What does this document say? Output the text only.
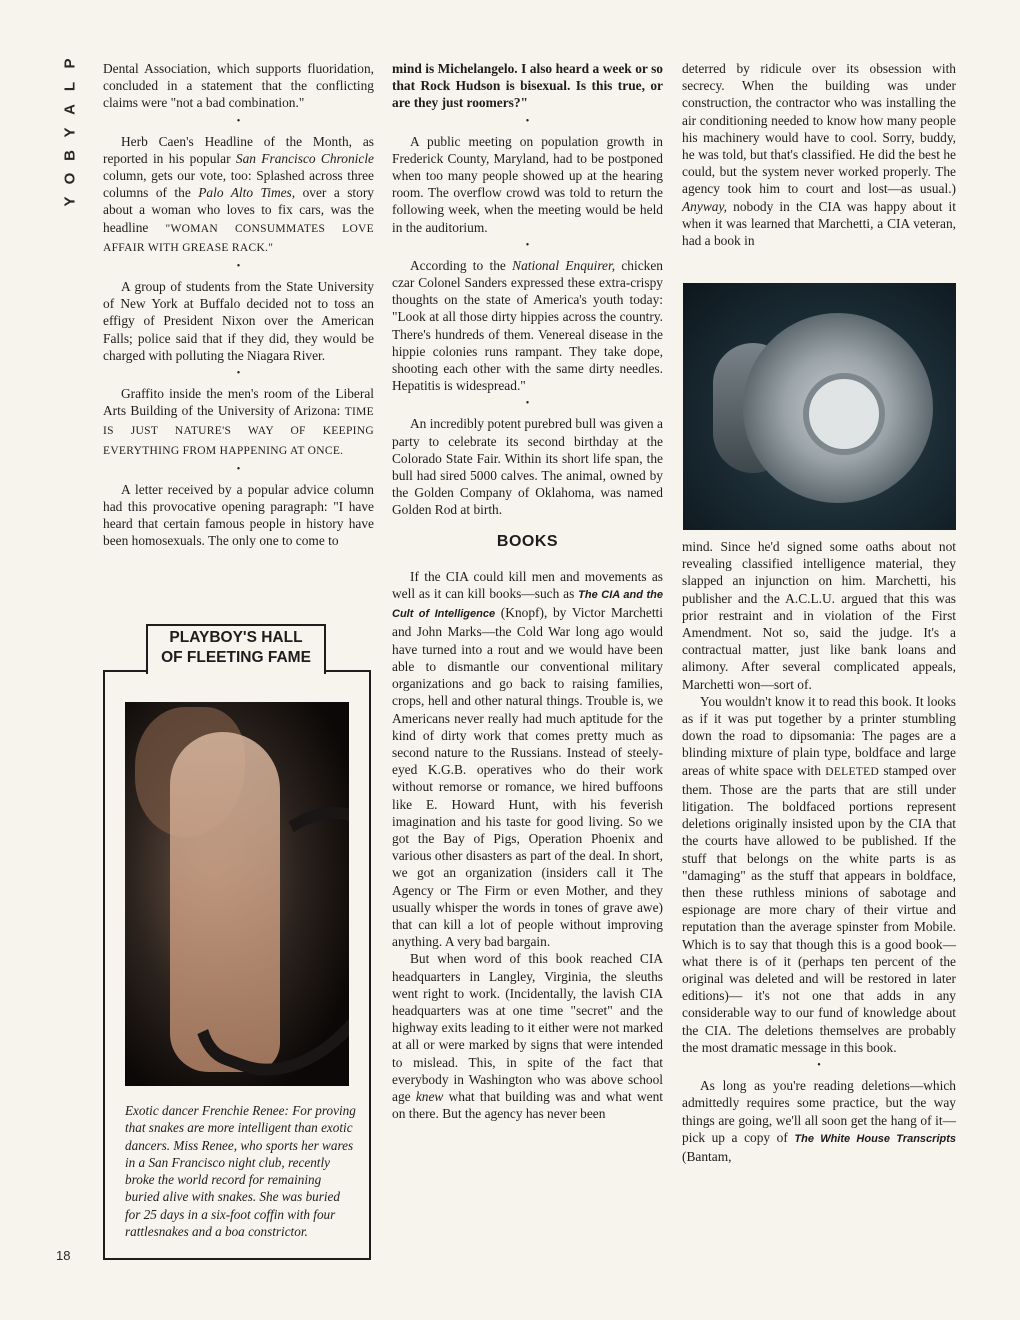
P
L
A
Y
B
O
Y
18

Dental Association, which supports fluoridation, concluded in a statement that the conflicting claims were "not a bad combination."

•

Herb Caen's Headline of the Month, as reported in his popular San Francisco Chronicle column, gets our vote, too: Splashed across three columns of the Palo Alto Times, over a story about a woman who loves to fix cars, was the headline "WOMAN CONSUMMATES LOVE AFFAIR WITH GREASE RACK."

•

A group of students from the State University of New York at Buffalo decided not to toss an effigy of President Nixon over the American Falls; police said that if they did, they would be charged with polluting the Niagara River.

•

Graffito inside the men's room of the Liberal Arts Building of the University of Arizona: TIME IS JUST NATURE'S WAY OF KEEPING EVERYTHING FROM HAPPENING AT ONCE.

•

A letter received by a popular advice column had this provocative opening paragraph: "I have heard that certain famous people in history have been homosexuals. The only one to come to

Exotic dancer Frenchie Renee: For proving that snakes are more intelligent than exotic dancers. Miss Renee, who sports her wares in a San Francisco night club, recently broke the world record for remaining buried alive with snakes. She was buried for 25 days in a six-foot coffin with four rattlesnakes and a boa constrictor.
PLAYBOY'S HALL
OF FLEETING FAME

mind is Michelangelo. I also heard a week or so that Rock Hudson is bisexual. Is this true, or are they just roomers?"

•

A public meeting on population growth in Frederick County, Maryland, had to be postponed when too many people showed up at the hearing room. The overflow crowd was told to return the following week, when the meeting would be held in the auditorium.

•

According to the National Enquirer, chicken czar Colonel Sanders expressed these extra-crispy thoughts on the state of America's youth today: "Look at all those dirty hippies across the country. There's hundreds of them. Venereal disease in the hippie colonies runs rampant. They take dope, shooting each other with the same dirty needles. Hepatitis is widespread."

•

An incredibly potent purebred bull was given a party to celebrate its second birthday at the Colorado State Fair. Within its short life span, the bull had sired 5000 calves. The animal, owned by the Golden Company of Oklahoma, was named Golden Rod at birth.

BOOKS

If the CIA could kill men and movements as well as it can kill books—such as The CIA and the Cult of Intelligence (Knopf), by Victor Marchetti and John Marks—the Cold War long ago would have turned into a rout and we would have been able to dismantle our conventional military organizations and go back to raising families, crops, hell and other natural things. Trouble is, we Americans never really had much aptitude for the kind of dirty work that comes pretty much as second nature to the Russians. Instead of steely-eyed K.G.B. operatives who do their work without remorse or romance, we hired buffoons like E. Howard Hunt, with his feverish imagination and his taste for good living. So we got the Bay of Pigs, Operation Phoenix and various other disasters as part of the deal. In short, we got an organization (insiders call it The Agency or The Firm or even Mother, and they usually whisper the words in tones of grave awe) that can kill a lot of people without improving anything. A very bad bargain.

But when word of this book reached CIA headquarters in Langley, Virginia, the sleuths went right to work. (Incidentally, the lavish CIA headquarters was at one time "secret" and the highway exits leading to it either were not marked at all or were marked by signs that were intended to mislead. This, in spite of the fact that everybody in Washington who was above school age knew what that building was and what went on there. But the agency has never been

deterred by ridicule over its obsession with secrecy. When the building was under construction, the contractor who was installing the air conditioning needed to know how many people his machinery would have to cool. Sorry, buddy, he was told, but that's classified. He did the best he could, but the system never worked properly. The agency took him to court and lost—as usual.) Anyway, nobody in the CIA was happy about it when it was learned that Marchetti, a CIA veteran, had a book in

mind. Since he'd signed some oaths about not revealing classified intelligence material, they slapped an injunction on him. Marchetti, his publisher and the A.C.L.U. argued that this was prior restraint and in violation of the First Amendment. Not so, said the judge. It's a contractual matter, just like bank loans and alimony. After several complicated appeals, Marchetti won—sort of.

You wouldn't know it to read this book. It looks as if it was put together by a printer stumbling down the road to dipsomania: The pages are a blinding mixture of plain type, boldface and large areas of white space with DELETED stamped over them. Those are the parts that are still under litigation. The boldfaced portions represent deletions originally insisted upon by the CIA that the courts have allowed to be published. If the stuff that belongs on the white parts is as "damaging" as the stuff that appears in boldface, then these ruthless minions of sabotage and espionage are more chary of their virtue and reputation than the average spinster from Mobile. Which is to say that though this is a good book—what there is of it (perhaps ten percent of the original was deleted and will be restored in later editions)— it's not one that adds in any considerable way to our fund of knowledge about the CIA. The deletions themselves are probably the most dramatic message in this book.

•

As long as you're reading deletions—which admittedly requires some practice, but the way things are going, we'll all soon get the hang of it—pick up a copy of The White House Transcripts (Bantam,
